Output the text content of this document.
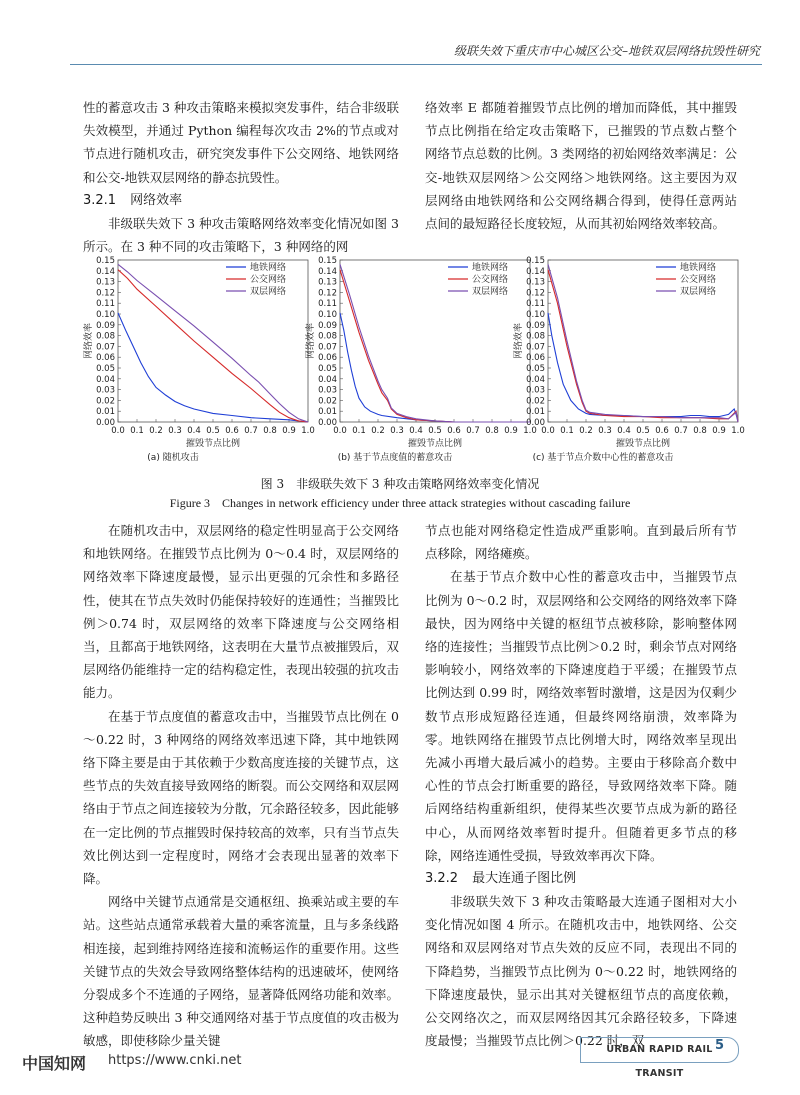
级联失效下重庆市中心城区公交–地铁双层网络抗毁性研究

性的蓄意攻击 3 种攻击策略来模拟突发事件，结合非级联失效模型，并通过 Python 编程每次攻击 2%的节点或对节点进行随机攻击，研究突发事件下公交网络、地铁网络和公交-地铁双层网络的静态抗毁性。

3.2.1 网络效率

非级联失效下 3 种攻击策略网络效率变化情况如图 3 所示。在 3 种不同的攻击策略下，3 种网络的网

络效率 E 都随着摧毁节点比例的增加而降低，其中摧毁节点比例指在给定攻击策略下，已摧毁的节点数占整个网络节点总数的比例。3 类网络的初始网络效率满足：公交-地铁双层网络＞公交网络＞地铁网络。这主要因为双层网络由地铁网络和公交网络耦合得到，使得任意两站点间的最短路径长度较短，从而其初始网络效率较高。

0.00
0.01
0.02
0.03
0.04
0.05
0.06
0.07
0.08
0.09
0.10
0.11
0.12
0.13
0.14
0.15
0.0 0.1 0.2 0.3 0.4 0.5 0.6 0.7 0.8 0.9 1.0
摧毁节点比例
网络效率
(a) 随机攻击
地铁网络
公交网络
双层网络
0.00
0.01
0.02
0.03
0.04
0.05
0.06
0.07
0.08
0.09
0.10
0.11
0.12
0.13
0.14
0.15
0.0 0.1 0.2 0.3 0.4 0.5 0.6 0.7 0.8 0.9 1.0
摧毁节点比例
网络效率
(b) 基于节点度值的蓄意攻击
地铁网络
公交网络
双层网络
0.00
0.01
0.02
0.03
0.04
0.05
0.06
0.07
0.08
0.09
0.10
0.11
0.12
0.13
0.14
0.15
0.0 0.1 0.2 0.3 0.4 0.5 0.6 0.7 0.8 0.9 1.0
摧毁节点比例
网络效率
(c) 基于节点介数中心性的蓄意攻击
地铁网络
公交网络
双层网络
图 3　非级联失效下 3 种攻击策略网络效率变化情况
Figure 3　Changes in network efficiency under three attack strategies without cascading failure

在随机攻击中，双层网络的稳定性明显高于公交网络和地铁网络。在摧毁节点比例为 0～0.4 时，双层网络的网络效率下降速度最慢，显示出更强的冗余性和多路径性，使其在节点失效时仍能保持较好的连通性；当摧毁比例＞0.74 时，双层网络的效率下降速度与公交网络相当，且都高于地铁网络，这表明在大量节点被摧毁后，双层网络仍能维持一定的结构稳定性，表现出较强的抗攻击能力。

在基于节点度值的蓄意攻击中，当摧毁节点比例在 0～0.22 时，3 种网络的网络效率迅速下降，其中地铁网络下降主要是由于其依赖于少数高度连接的关键节点，这些节点的失效直接导致网络的断裂。而公交网络和双层网络由于节点之间连接较为分散，冗余路径较多，因此能够在一定比例的节点摧毁时保持较高的效率，只有当节点失效比例达到一定程度时，网络才会表现出显著的效率下降。

网络中关键节点通常是交通枢纽、换乘站或主要的车站。这些站点通常承载着大量的乘客流量，且与多条线路相连接，起到维持网络连接和流畅运作的重要作用。这些关键节点的失效会导致网络整体结构的迅速破坏，使网络分裂成多个不连通的子网络，显著降低网络功能和效率。这种趋势反映出 3 种交通网络对基于节点度值的攻击极为敏感，即使移除少量关键

节点也能对网络稳定性造成严重影响。直到最后所有节点移除，网络瘫痪。

在基于节点介数中心性的蓄意攻击中，当摧毁节点比例为 0～0.2 时，双层网络和公交网络的网络效率下降最快，因为网络中关键的枢纽节点被移除，影响整体网络的连接性；当摧毁节点比例＞0.2 时，剩余节点对网络影响较小，网络效率的下降速度趋于平缓；在摧毁节点比例达到 0.99 时，网络效率暂时激增，这是因为仅剩少数节点形成短路径连通，但最终网络崩溃，效率降为零。地铁网络在摧毁节点比例增大时，网络效率呈现出先减小再增大最后减小的趋势。主要由于移除高介数中心性的节点会打断重要的路径，导致网络效率下降。随后网络结构重新组织，使得某些次要节点成为新的路径中心，从而网络效率暂时提升。但随着更多节点的移除，网络连通性受损，导致效率再次下降。

3.2.2 最大连通子图比例

非级联失效下 3 种攻击策略最大连通子图相对大小变化情况如图 4 所示。在随机攻击中，地铁网络、公交网络和双层网络对节点失效的反应不同，表现出不同的下降趋势，当摧毁节点比例为 0～0.22 时，地铁网络的下降速度最快，显示出其对关键枢纽节点的高度依赖，公交网络次之，而双层网络因其冗余路径较多，下降速度最慢；当摧毁节点比例＞0.22 时，双

中国知网 https://www.cnki.net
URBAN RAPID RAIL TRANSIT
5
